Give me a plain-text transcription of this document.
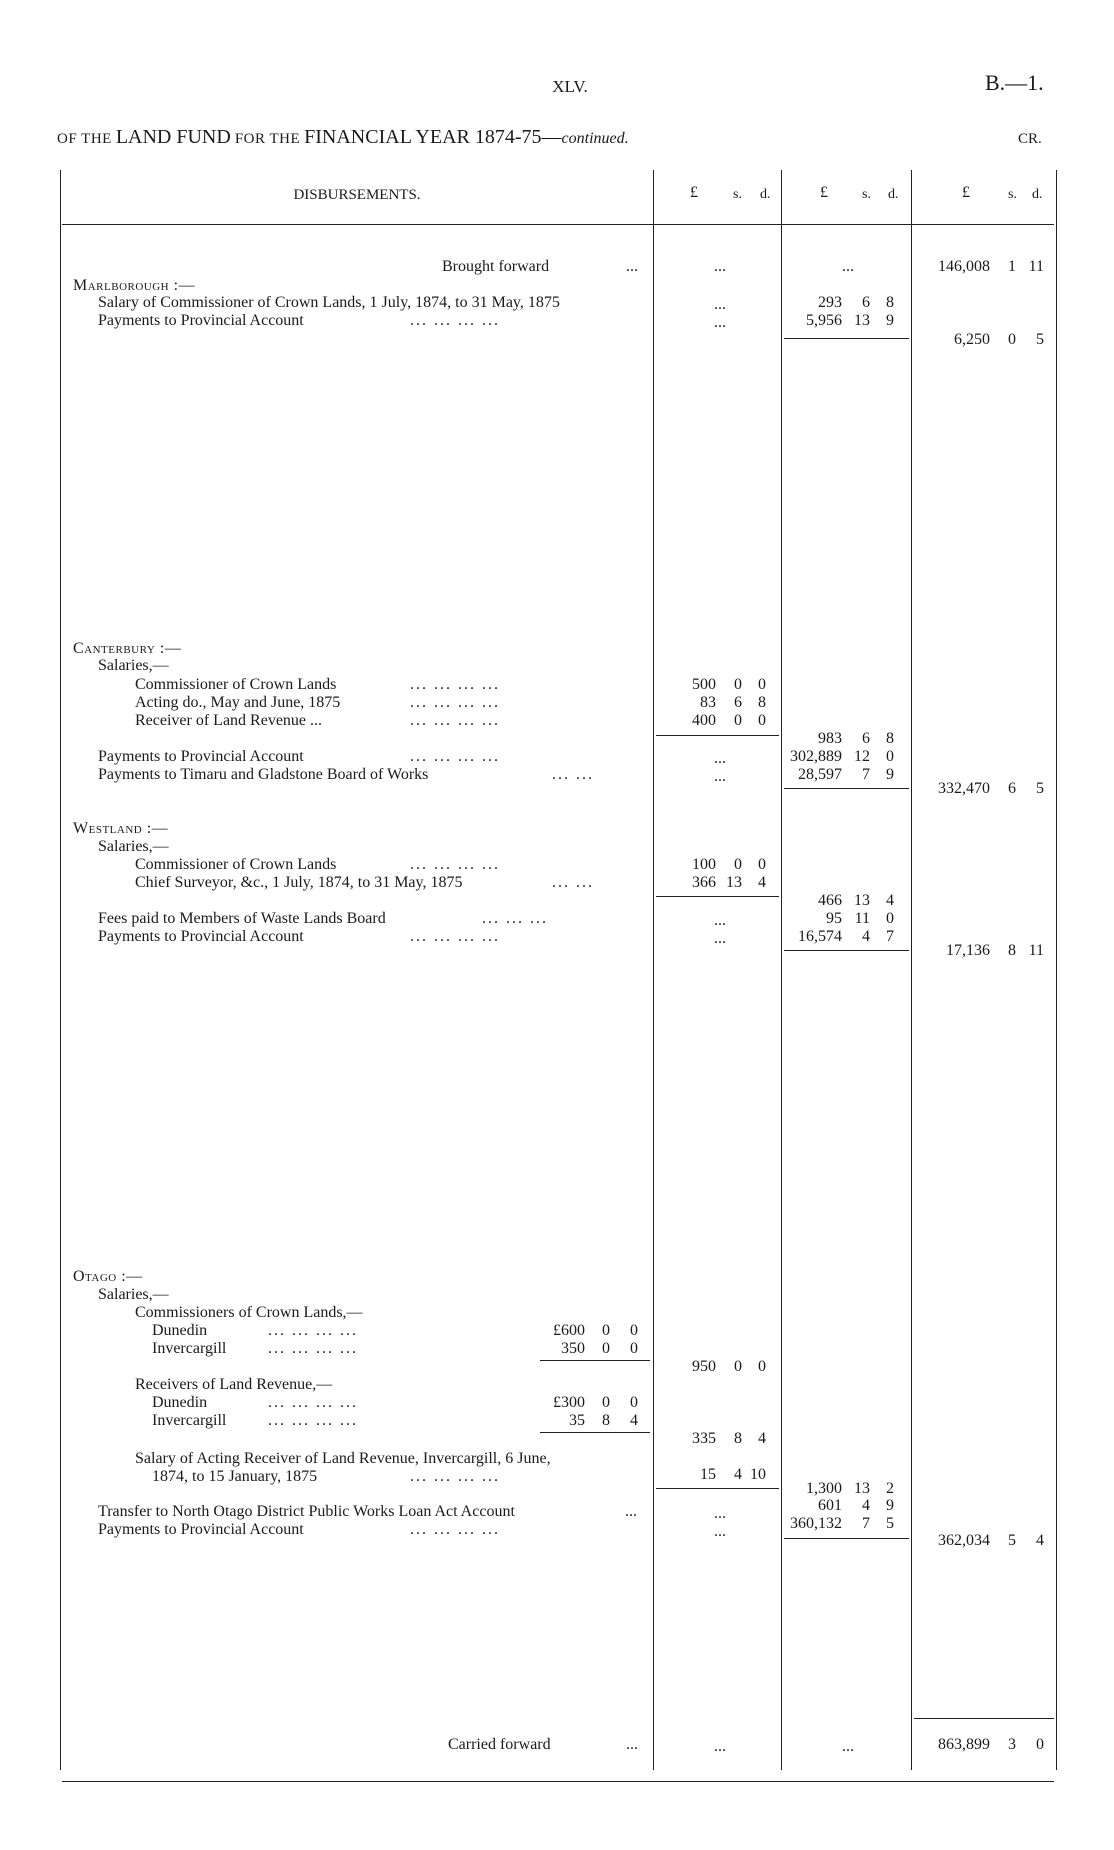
XLV.	B.—1.
OF THE LAND FUND FOR THE FINANCIAL YEAR 1874-75—continued.	CR.
DISBURSEMENTS.	£	s. d.	£ s. d.	£	s. d.
Brought forward	...	...	...	146,008	1 11
Marlborough :—
Salary of Commissioner of Crown Lands, 1 July, 1874, to 31 May, 1875	...	293	6	8
Payments to Provincial Account	... ... ... ...	...	5,956 13	9
6,250	0	5
Canterbury :—
Salaries,—
Commissioner of Crown Lands	... ... ... ...	500	0	0
Acting do., May and June, 1875	... ... ... ...	83	6	8
Receiver of Land Revenue ...	... ... ... ...	400	0	0
983	6	8
Payments to Provincial Account	... ... ... ...	...	302,889 12	0
Payments to Timaru and Gladstone Board of Works	... ...	...	28,597	7	9
332,470	6	5
Westland :—
Salaries,—
Commissioner of Crown Lands	... ... ... ...	100	0	0
Chief Surveyor, &c., 1 July, 1874, to 31 May, 1875	... ...	366 13	4
466 13	4
Fees paid to Members of Waste Lands Board	... ... ...	...	95 11	0
Payments to Provincial Account	... ... ... ...	...	16,574	4	7
17,136	8 11
Otago :—
Salaries,—
Commissioners of Crown Lands,—
Dunedin	... ... ... ...	£600	0	0
Invercargill	... ... ... ...	350	0	0
950	0	0
Receivers of Land Revenue,—
Dunedin	... ... ... ...	£300	0	0
Invercargill	... ... ... ...	35	8	4
335	8	4
Salary of Acting Receiver of Land Revenue, Invercargill, 6 June,
1874, to 15 January, 1875	... ... ... ...	15	4 10
1,300 13	2
Transfer to North Otago District Public Works Loan Act Account	...	...	601	4	9
Payments to Provincial Account	... ... ... ...	...	360,132	7	5
362,034	5	4
Carried forward	...	...	...	863,899	3	0
